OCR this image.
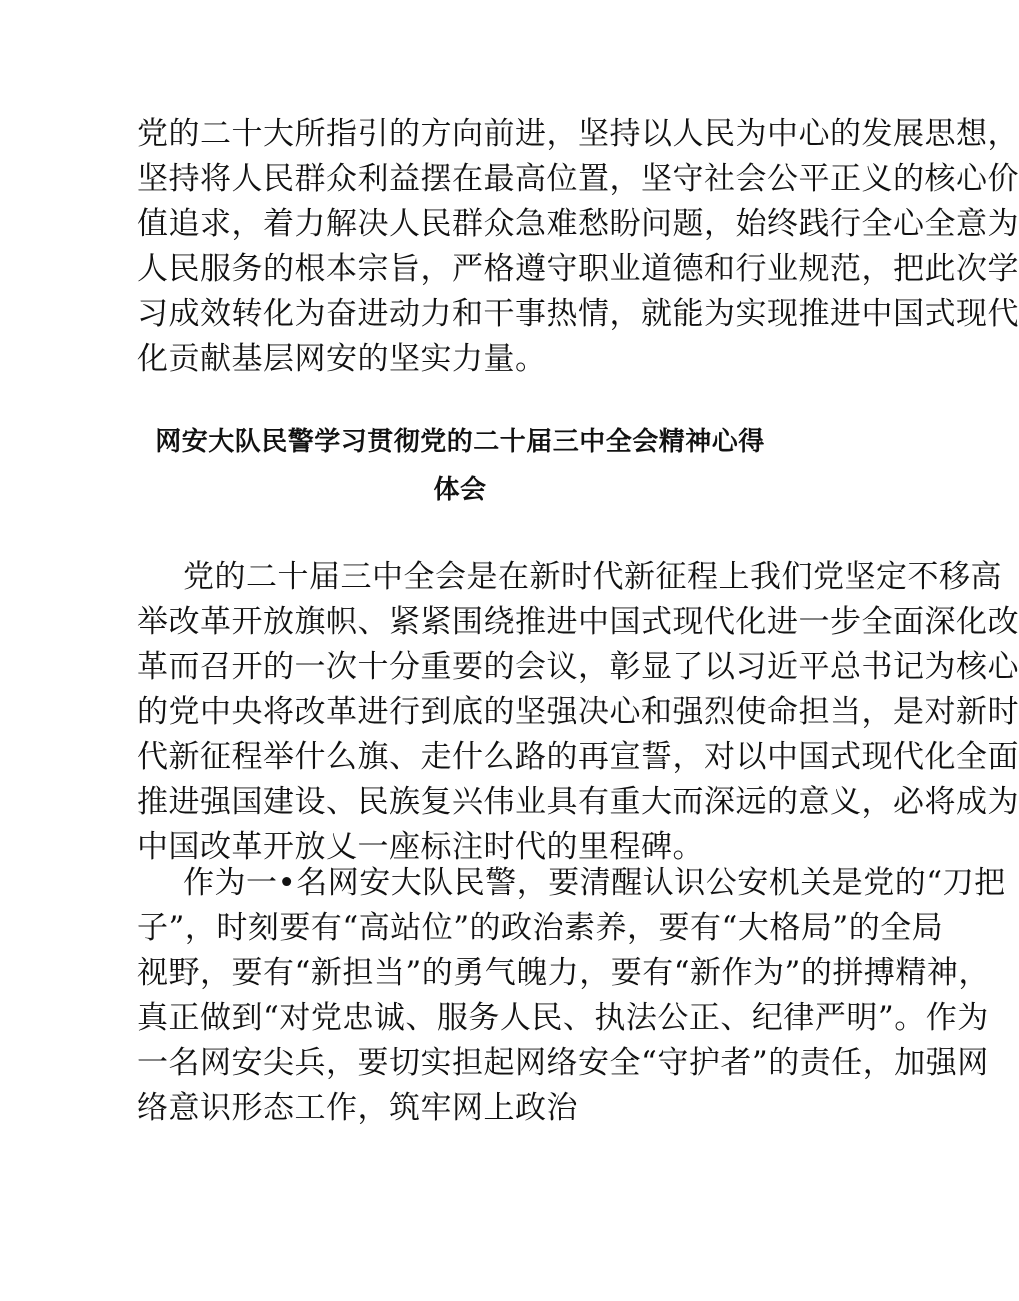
党的二十大所指引的方向前进，坚持以人民为中心的发展思想，
坚持将人民群众利益摆在最高位置，坚守社会公平正义的核心价
值追求，着力解决人民群众急难愁盼问题，始终践行全心全意为
人民服务的根本宗旨，严格遵守职业道德和行业规范，把此次学
习成效转化为奋进动力和干事热情，就能为实现推进中国式现代
化贡献基层网安的坚实力量。
网安大队民警学习贯彻党的二十届三中全会精神心得
体会
党的二十届三中全会是在新时代新征程上我们党坚定不移高
举改革开放旗帜、紧紧围绕推进中国式现代化进一步全面深化改
革而召开的一次十分重要的会议，彰显了以习近平总书记为核心
的党中央将改革进行到底的坚强决心和强烈使命担当，是对新时
代新征程举什么旗、走什么路的再宣誓，对以中国式现代化全面
推进强国建设、民族复兴伟业具有重大而深远的意义，必将成为
中国改革开放乂一座标注时代的里程碑。
作为一•名网安大队民警，要清醒认识公安机关是党的“刀把
子”，时刻要有“高站位”的政治素养，要有“大格局”的全局
视野，要有“新担当”的勇气魄力，要有“新作为”的拼搏精神，
真正做到“对党忠诚、服务人民、执法公正、纪律严明”。作为
一名网安尖兵，要切实担起网络安全“守护者”的责任，加强网
络意识形态工作，筑牢网上政治
